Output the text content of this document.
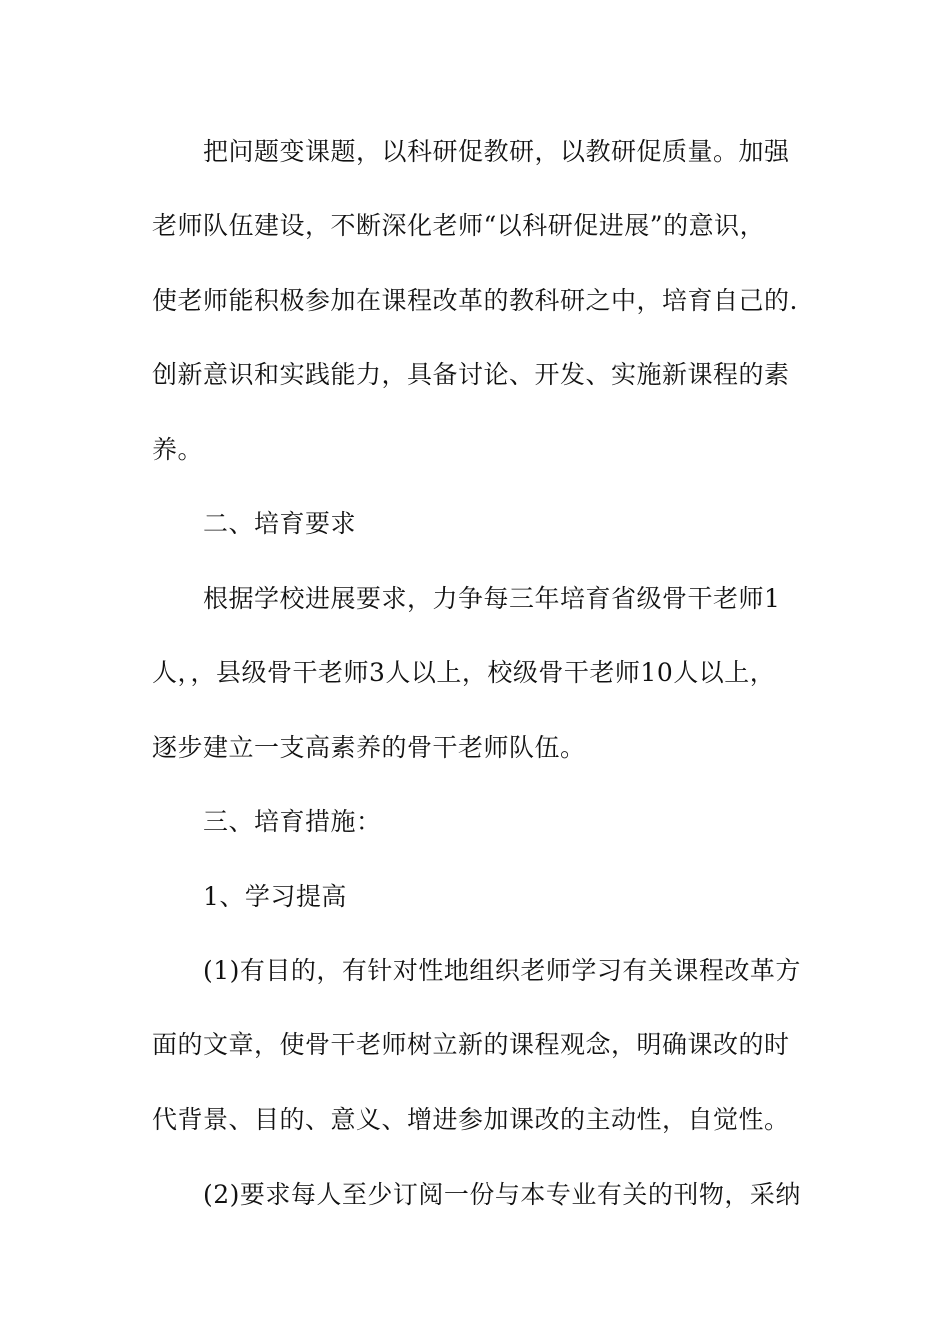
把问题变课题，以科研促教研，以教研促质量。加强
老师队伍建设，不断深化老师“以科研促进展”的意识，
使老师能积极参加在课程改革的教科研之中，培育自己的.
创新意识和实践能力，具备讨论、开发、实施新课程的素
养。
二、培育要求
根据学校进展要求，力争每三年培育省级骨干老师1
人，，县级骨干老师3人以上，校级骨干老师10人以上，
逐步建立一支高素养的骨干老师队伍。
三、培育措施：
1、学习提高
(1)有目的，有针对性地组织老师学习有关课程改革方
面的文章，使骨干老师树立新的课程观念，明确课改的时
代背景、目的、意义、增进参加课改的主动性，自觉性。
(2)要求每人至少订阅一份与本专业有关的刊物，采纳
